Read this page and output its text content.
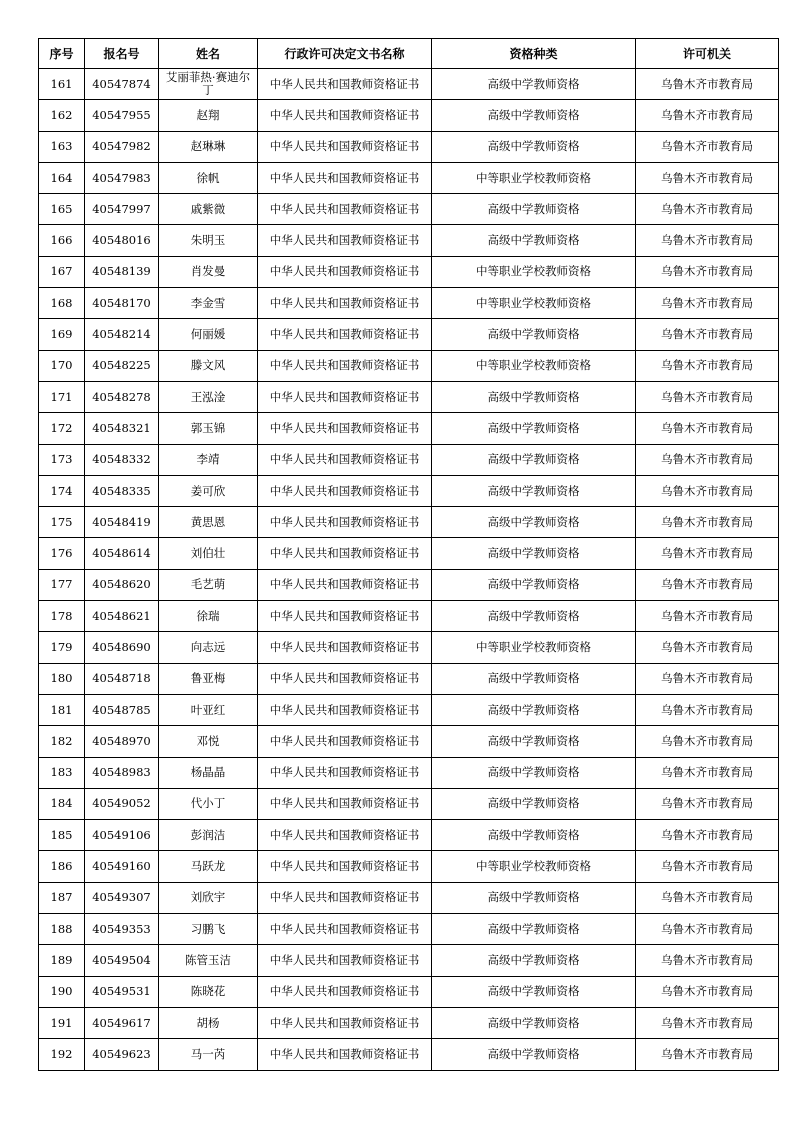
序号	报名号	姓名	行政许可决定文书名称	资格种类	许可机关
161	40547874	艾丽菲热·赛迪尔丁	中华人民共和国教师资格证书	高级中学教师资格	乌鲁木齐市教育局
162	40547955	赵翔	中华人民共和国教师资格证书	高级中学教师资格	乌鲁木齐市教育局
163	40547982	赵琳琳	中华人民共和国教师资格证书	高级中学教师资格	乌鲁木齐市教育局
164	40547983	徐帆	中华人民共和国教师资格证书	中等职业学校教师资格	乌鲁木齐市教育局
165	40547997	戚紫微	中华人民共和国教师资格证书	高级中学教师资格	乌鲁木齐市教育局
166	40548016	朱明玉	中华人民共和国教师资格证书	高级中学教师资格	乌鲁木齐市教育局
167	40548139	肖发曼	中华人民共和国教师资格证书	中等职业学校教师资格	乌鲁木齐市教育局
168	40548170	李金雪	中华人民共和国教师资格证书	中等职业学校教师资格	乌鲁木齐市教育局
169	40548214	何丽媛	中华人民共和国教师资格证书	高级中学教师资格	乌鲁木齐市教育局
170	40548225	滕文风	中华人民共和国教师资格证书	中等职业学校教师资格	乌鲁木齐市教育局
171	40548278	王泓淦	中华人民共和国教师资格证书	高级中学教师资格	乌鲁木齐市教育局
172	40548321	郭玉锦	中华人民共和国教师资格证书	高级中学教师资格	乌鲁木齐市教育局
173	40548332	李靖	中华人民共和国教师资格证书	高级中学教师资格	乌鲁木齐市教育局
174	40548335	姜可欣	中华人民共和国教师资格证书	高级中学教师资格	乌鲁木齐市教育局
175	40548419	黄思恩	中华人民共和国教师资格证书	高级中学教师资格	乌鲁木齐市教育局
176	40548614	刘伯壮	中华人民共和国教师资格证书	高级中学教师资格	乌鲁木齐市教育局
177	40548620	毛艺萌	中华人民共和国教师资格证书	高级中学教师资格	乌鲁木齐市教育局
178	40548621	徐瑞	中华人民共和国教师资格证书	高级中学教师资格	乌鲁木齐市教育局
179	40548690	向志远	中华人民共和国教师资格证书	中等职业学校教师资格	乌鲁木齐市教育局
180	40548718	鲁亚梅	中华人民共和国教师资格证书	高级中学教师资格	乌鲁木齐市教育局
181	40548785	叶亚红	中华人民共和国教师资格证书	高级中学教师资格	乌鲁木齐市教育局
182	40548970	邓悦	中华人民共和国教师资格证书	高级中学教师资格	乌鲁木齐市教育局
183	40548983	杨晶晶	中华人民共和国教师资格证书	高级中学教师资格	乌鲁木齐市教育局
184	40549052	代小丁	中华人民共和国教师资格证书	高级中学教师资格	乌鲁木齐市教育局
185	40549106	彭润洁	中华人民共和国教师资格证书	高级中学教师资格	乌鲁木齐市教育局
186	40549160	马跃龙	中华人民共和国教师资格证书	中等职业学校教师资格	乌鲁木齐市教育局
187	40549307	刘欣宇	中华人民共和国教师资格证书	高级中学教师资格	乌鲁木齐市教育局
188	40549353	习鹏飞	中华人民共和国教师资格证书	高级中学教师资格	乌鲁木齐市教育局
189	40549504	陈管玉洁	中华人民共和国教师资格证书	高级中学教师资格	乌鲁木齐市教育局
190	40549531	陈晓花	中华人民共和国教师资格证书	高级中学教师资格	乌鲁木齐市教育局
191	40549617	胡杨	中华人民共和国教师资格证书	高级中学教师资格	乌鲁木齐市教育局
192	40549623	马一芮	中华人民共和国教师资格证书	高级中学教师资格	乌鲁木齐市教育局
